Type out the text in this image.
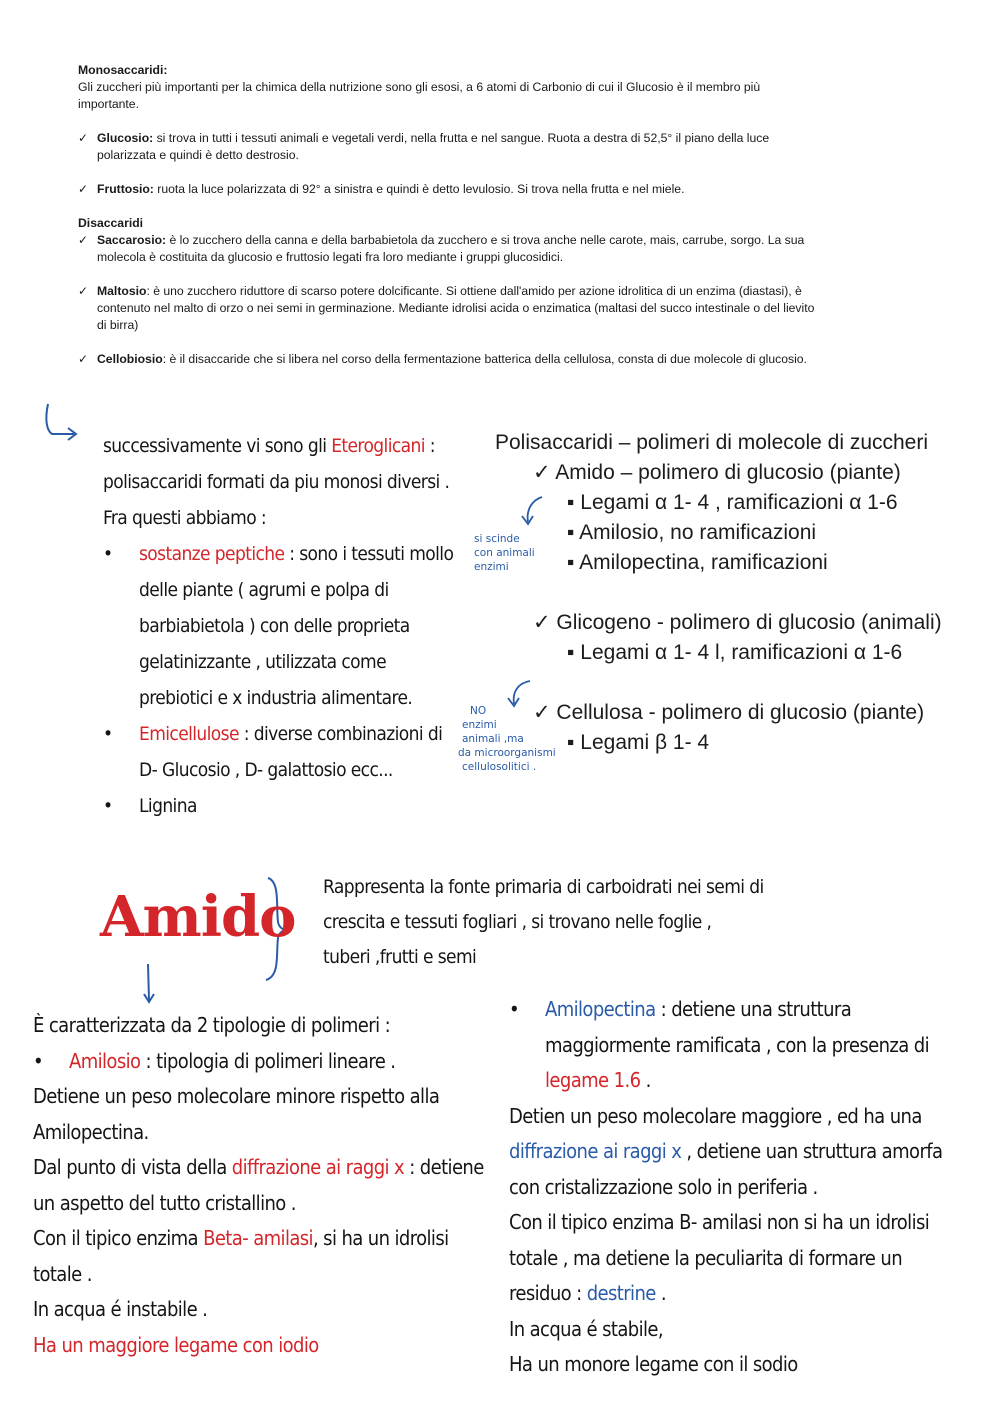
Monosaccaridi:

Gli zuccheri più importanti per la chimica della nutrizione sono gli esosi, a 6 atomi di Carbonio di cui il Glucosio è il membro più importante.

✓ Glucosio: si trova in tutti i tessuti animali e vegetali verdi, nella frutta e nel sangue. Ruota a destra di 52,5° il piano della luce polarizzata e quindi è detto destrosio.

✓ Fruttosio: ruota la luce polarizzata di 92° a sinistra e quindi è detto levulosio. Si trova nella frutta e nel miele.

Disaccaridi

✓ Saccarosio: è lo zucchero della canna e della barbabietola da zucchero e si trova anche nelle carote, mais, carrube, sorgo. La sua molecola è costituita da glucosio e fruttosio legati fra loro mediante i gruppi glucosidici.

✓ Maltosio: è uno zucchero riduttore di scarso potere dolcificante. Si ottiene dall'amido per azione idrolitica di un enzima (diastasi), è contenuto nel malto di orzo o nei semi in germinazione. Mediante idrolisi acida o enzimatica (maltasi del succo intestinale o del lievito di birra)

✓ Cellobiosio: è il disaccaride che si libera nel corso della fermentazione batterica della cellulosa, consta di due molecole di glucosio.

successivamente vi sono gli Eteroglicani :

polisaccaridi formati da piu monosi diversi .

Fra questi abbiamo :

• sostanze peptiche : sono i tessuti mollo

delle piante ( agrumi e polpa di

barbiabietola ) con delle proprieta

gelatinizzante , utilizzata come

prebiotici e x industria alimentare.

• Emicellulose : diverse combinazioni di

D- Glucosio , D- galattosio ecc...

• Lignina

Polisaccaridi – polimeri di molecole di zuccheri

✓ Amido – polimero di glucosio (piante)

▪ Legami α 1- 4 , ramificazioni α 1-6

▪ Amilosio, no ramificazioni

▪ Amilopectina, ramificazioni

✓ Glicogeno - polimero di glucosio (animali)

▪ Legami α 1- 4 l, ramificazioni α 1-6

✓ Cellulosa - polimero di glucosio (piante)

▪ Legami β 1- 4

si scinde

con animali

enzimi

NO

enzimi

animali ,ma

da microorganismi

cellulosolitici .

Amido Rappresenta la fonte primaria di carboidrati nei semi di

crescita e tessuti fogliari , si trovano nelle foglie ,

tuberi ,frutti e semi

È caratterizzata da 2 tipologie di polimeri :

• Amilosio : tipologia di polimeri lineare .

Detiene un peso molecolare minore rispetto alla

Amilopectina.

Dal punto di vista della diffrazione ai raggi x : detiene

un aspetto del tutto cristallino .

Con il tipico enzima Beta- amilasi, si ha un idrolisi

totale .

In acqua é instabile .

Ha un maggiore legame con iodio

• Amilopectina : detiene una struttura

maggiormente ramificata , con la presenza di

legame 1.6 .

Detien un peso molecolare maggiore , ed ha una

diffrazione ai raggi x , detiene uan struttura amorfa

con cristalizzazione solo in periferia .

Con il tipico enzima B- amilasi non si ha un idrolisi

totale , ma detiene la peculiarita di formare un

residuo : destrine .

In acqua é stabile,

Ha un monore legame con il sodio
